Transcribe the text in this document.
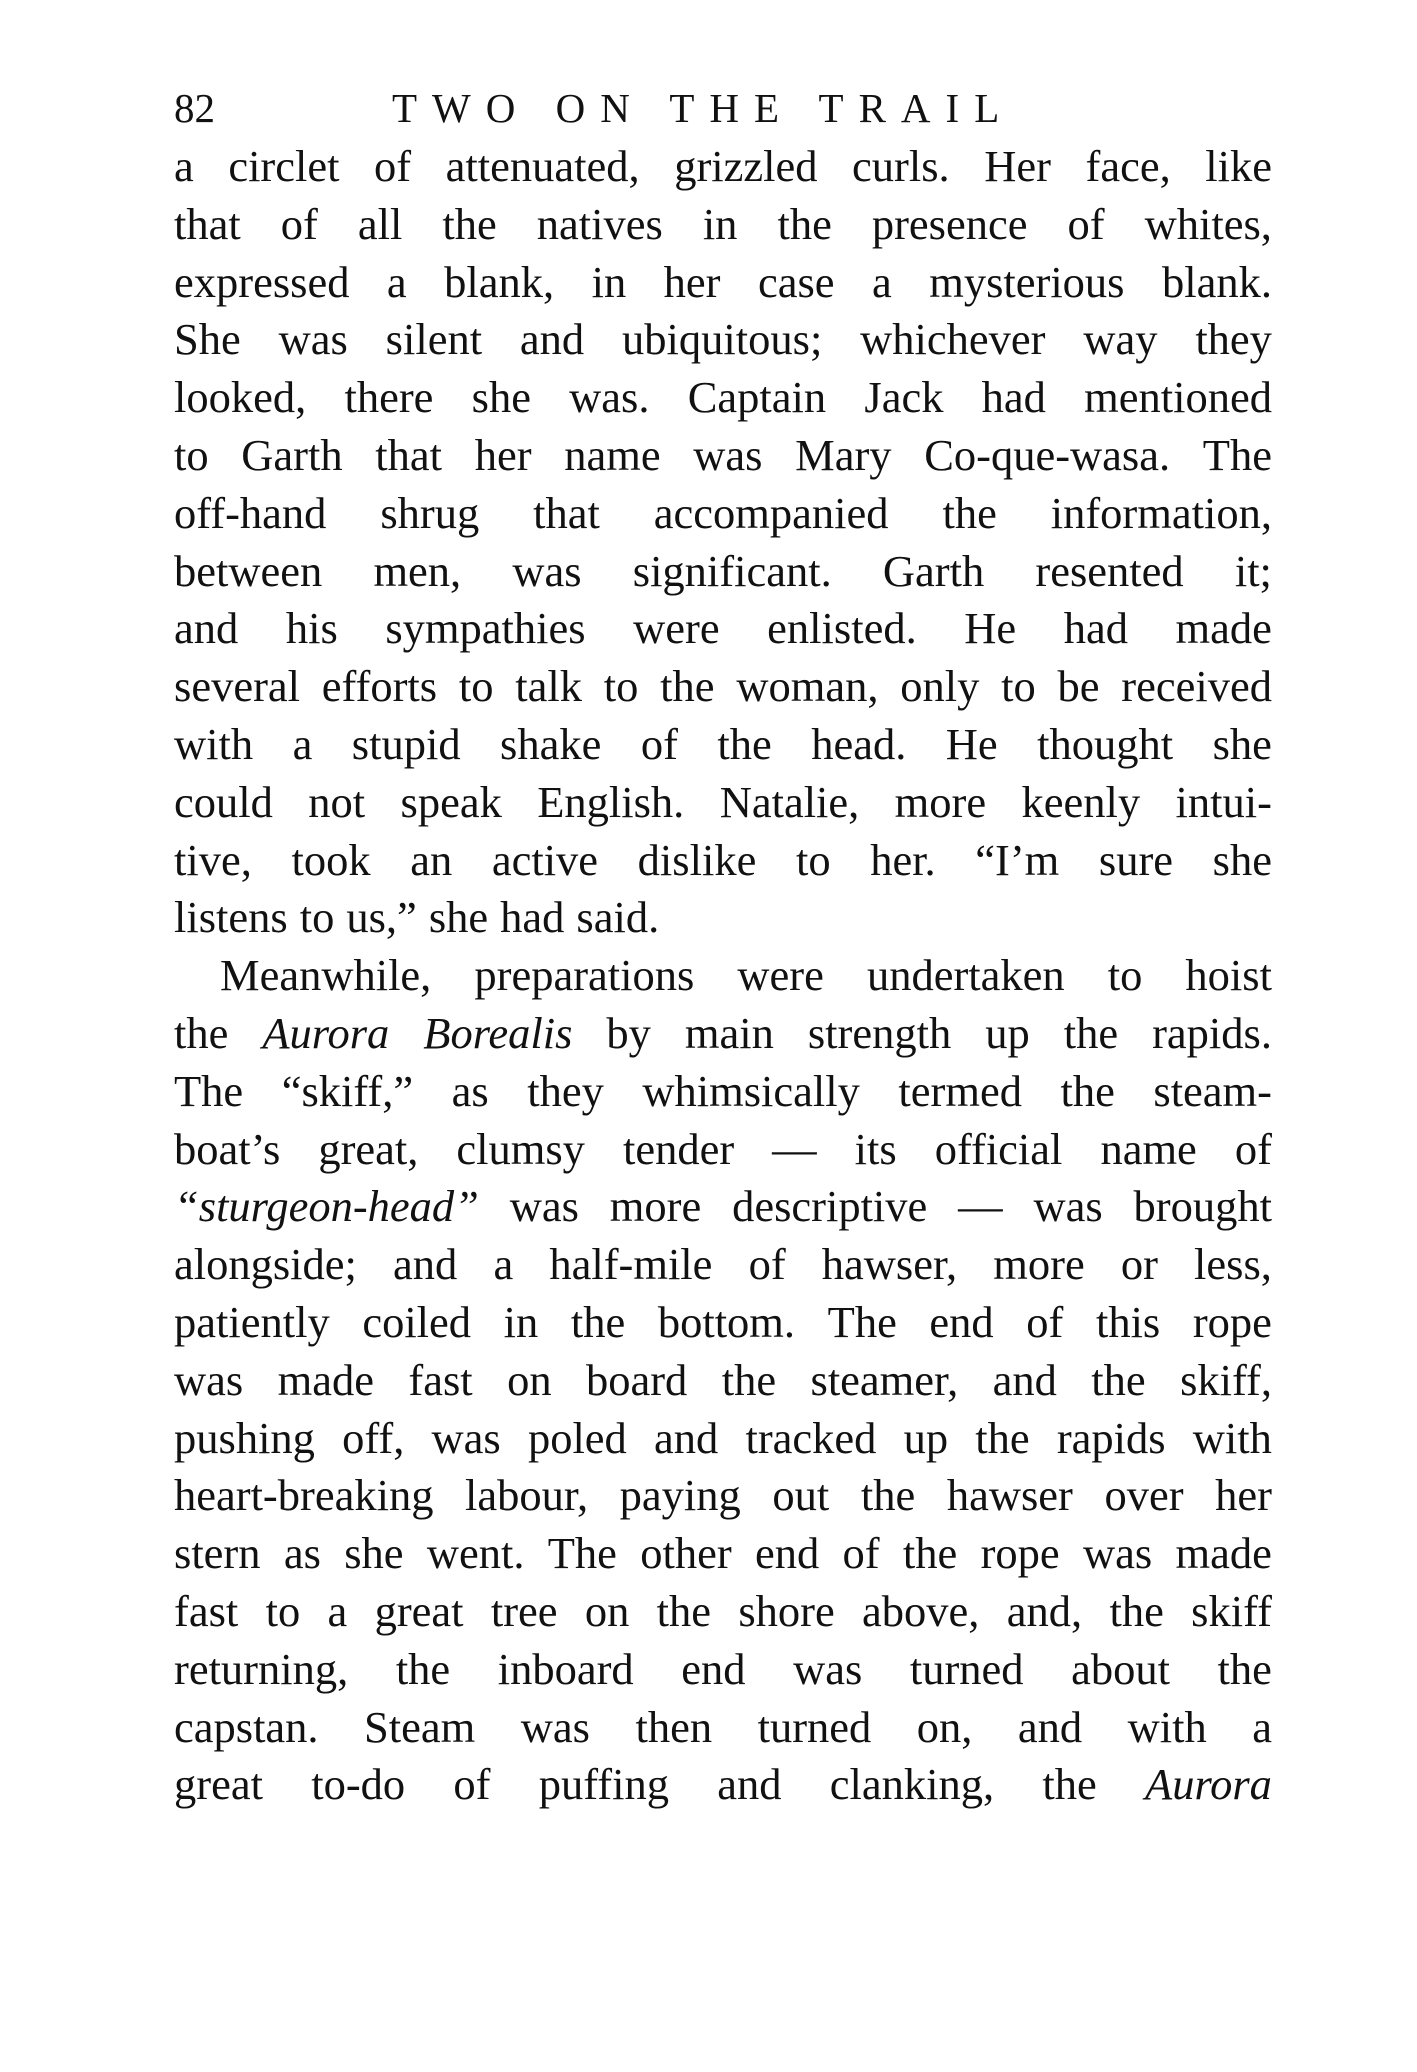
82	TWO ON THE TRAIL
a circlet of attenuated, grizzled curls. Her face, like
that of all the natives in the presence of whites,
expressed a blank, in her case a mysterious blank.
She was silent and ubiquitous; whichever way they
looked, there she was. Captain Jack had mentioned
to Garth that her name was Mary Co-que-wasa. The
off-hand shrug that accompanied the information,
between men, was significant. Garth resented it;
and his sympathies were enlisted. He had made
several efforts to talk to the woman, only to be received
with a stupid shake of the head. He thought she
could not speak English. Natalie, more keenly intui-
tive, took an active dislike to her. “I’m sure she
listens to us,” she had said.
Meanwhile, preparations were undertaken to hoist
the Aurora Borealis by main strength up the rapids.
The “skiff,” as they whimsically termed the steam-
boat’s great, clumsy tender — its official name of
“sturgeon-head” was more descriptive — was brought
alongside; and a half-mile of hawser, more or less,
patiently coiled in the bottom. The end of this rope
was made fast on board the steamer, and the skiff,
pushing off, was poled and tracked up the rapids with
heart-breaking labour, paying out the hawser over her
stern as she went. The other end of the rope was made
fast to a great tree on the shore above, and, the skiff
returning, the inboard end was turned about the
capstan. Steam was then turned on, and with a
great to-do of puffing and clanking, the Aurora
